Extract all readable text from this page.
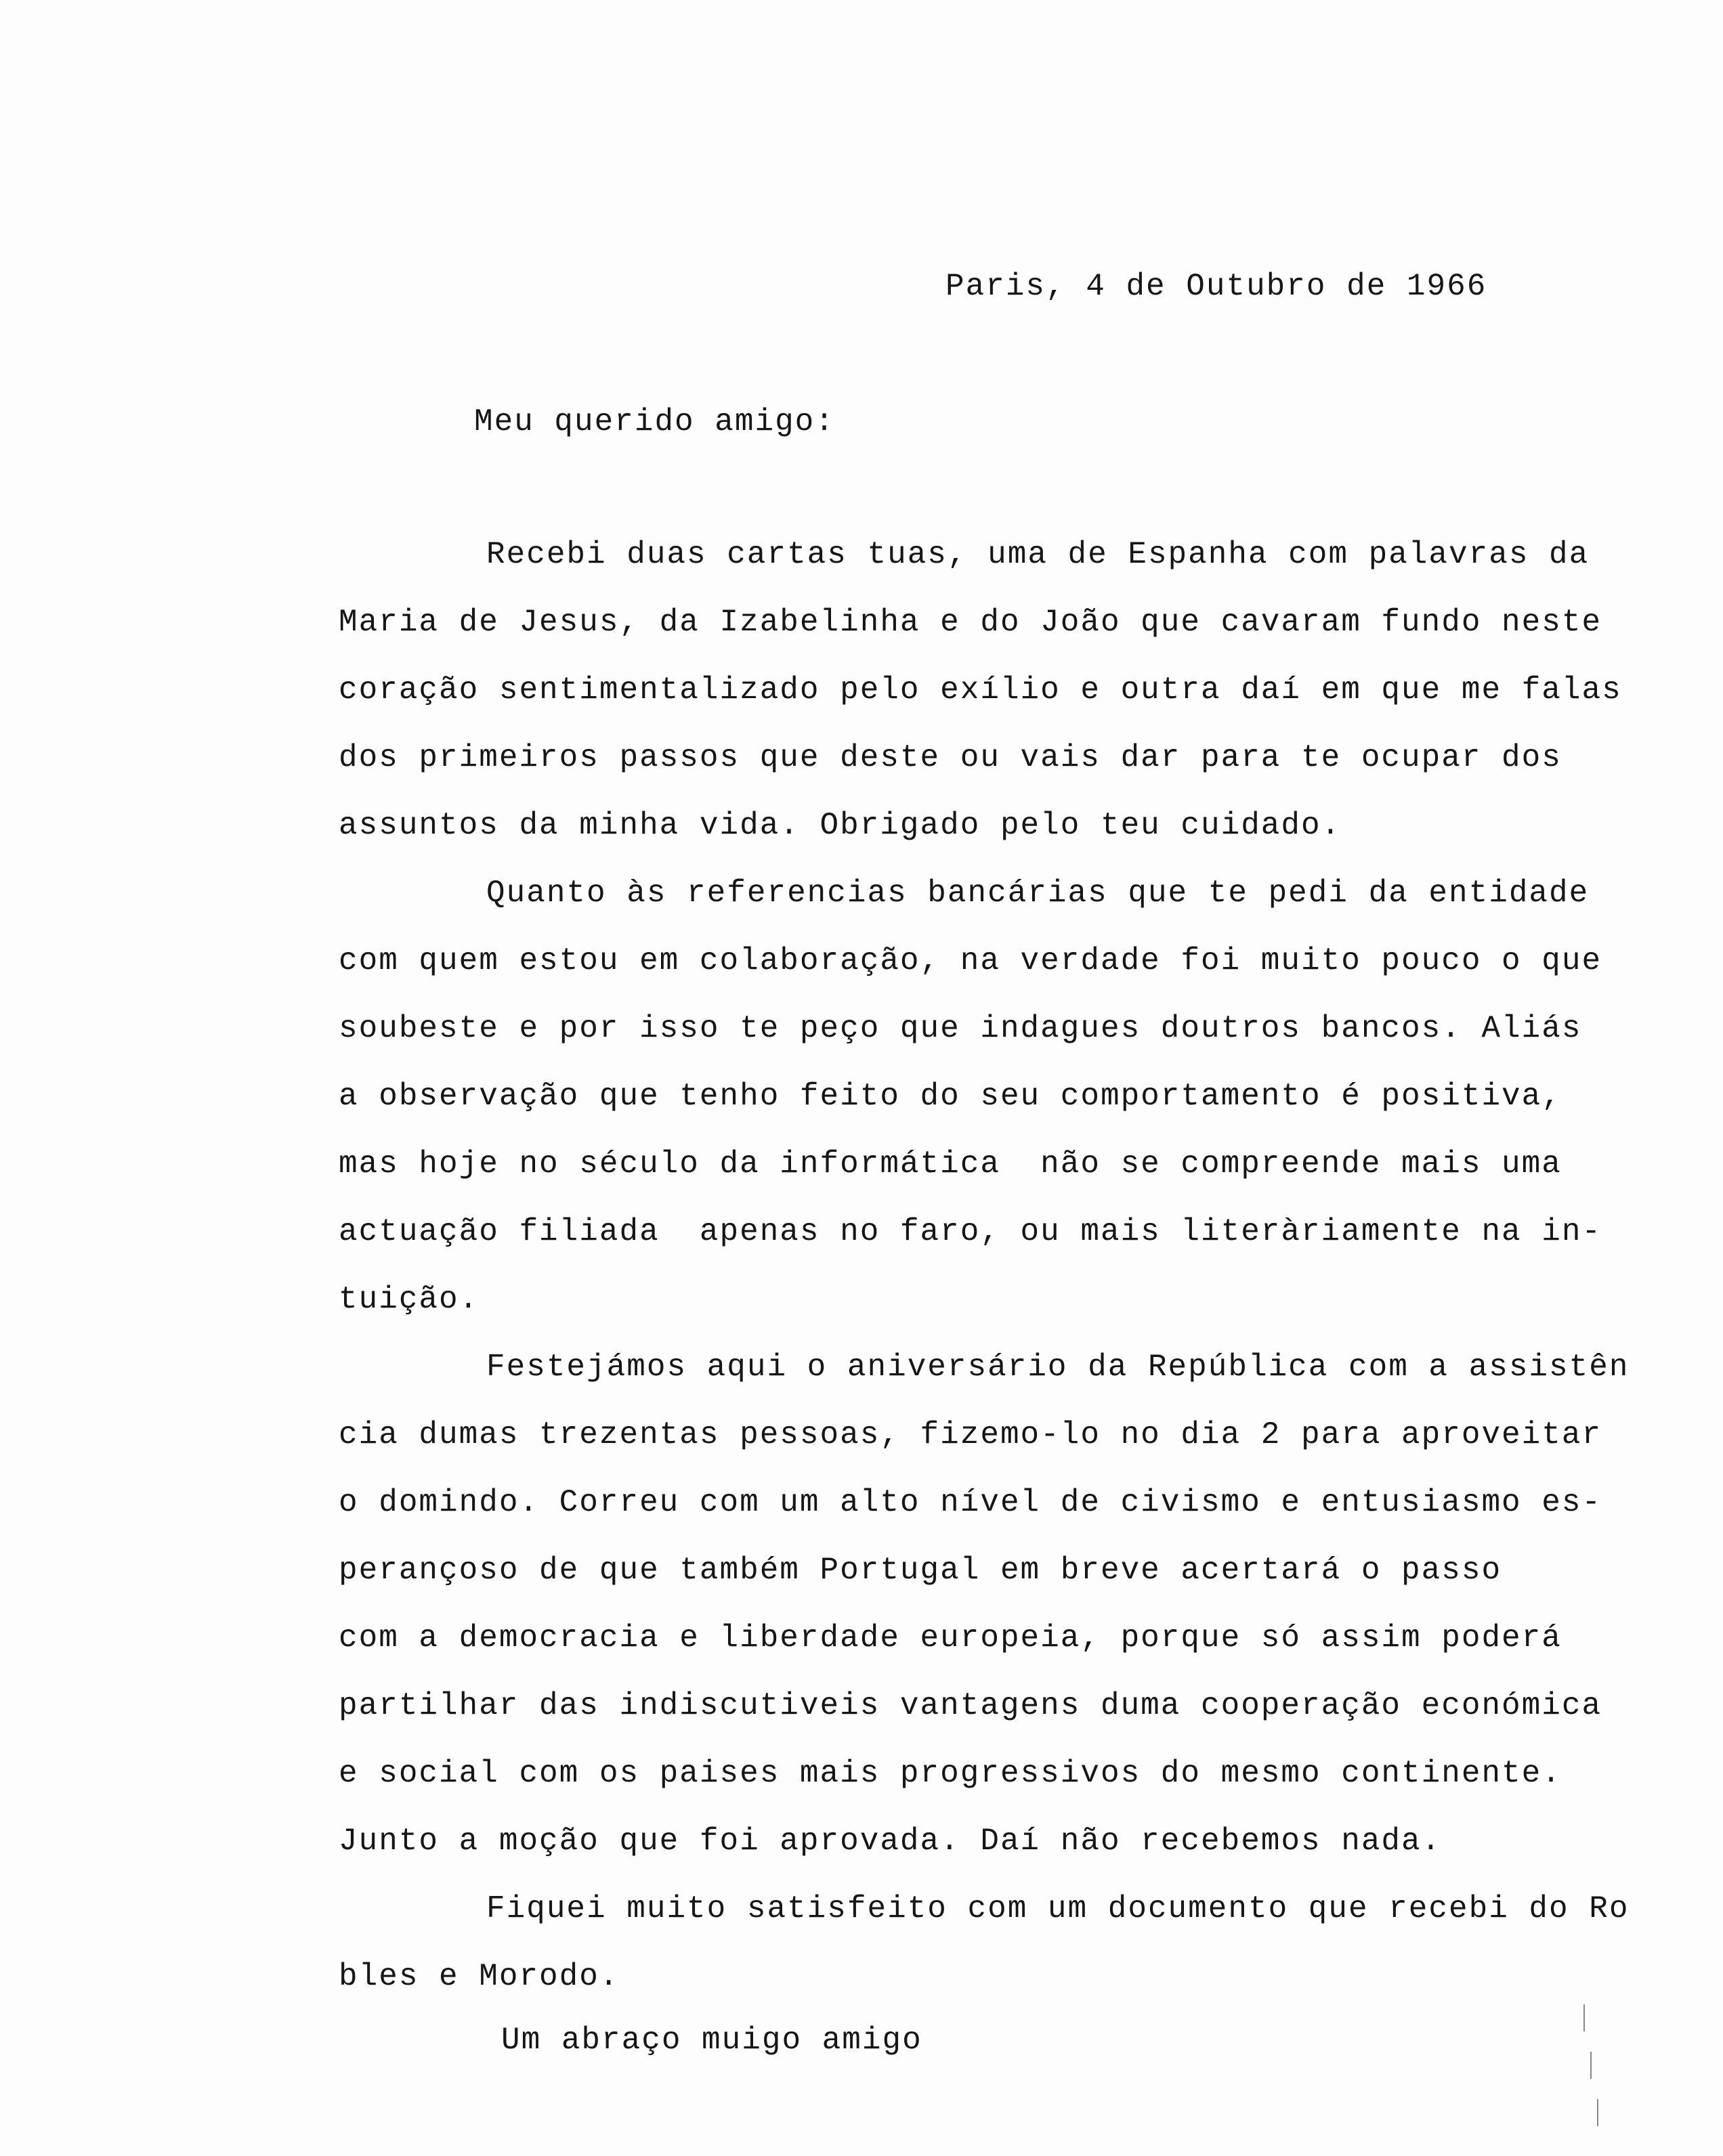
Paris, 4 de Outubro de 1966

Meu querido amigo:

Recebi duas cartas tuas, uma de Espanha com palavras da

Maria de Jesus, da Izabelinha e do João que cavaram fundo neste

coração sentimentalizado pelo exílio e outra daí em que me falas

dos primeiros passos que deste ou vais dar para te ocupar dos

assuntos da minha vida. Obrigado pelo teu cuidado.

Quanto às referencias bancárias que te pedi da entidade

com quem estou em colaboração, na verdade foi muito pouco o que

soubeste e por isso te peço que indagues doutros bancos. Aliás

a observação que tenho feito do seu comportamento é positiva,

mas hoje no século da informática  não se compreende mais uma

actuação filiada  apenas no faro, ou mais literàriamente na in-

tuição.

Festejámos aqui o aniversário da República com a assistên

cia dumas trezentas pessoas, fizemo-lo no dia 2 para aproveitar

o domindo. Correu com um alto nível de civismo e entusiasmo es-

perançoso de que também Portugal em breve acertará o passo

com a democracia e liberdade europeia, porque só assim poderá

partilhar das indiscutiveis vantagens duma cooperação económica

e social com os paises mais progressivos do mesmo continente.

Junto a moção que foi aprovada. Daí não recebemos nada.

Fiquei muito satisfeito com um documento que recebi do Ro

bles e Morodo.

Um abraço muigo amigo
